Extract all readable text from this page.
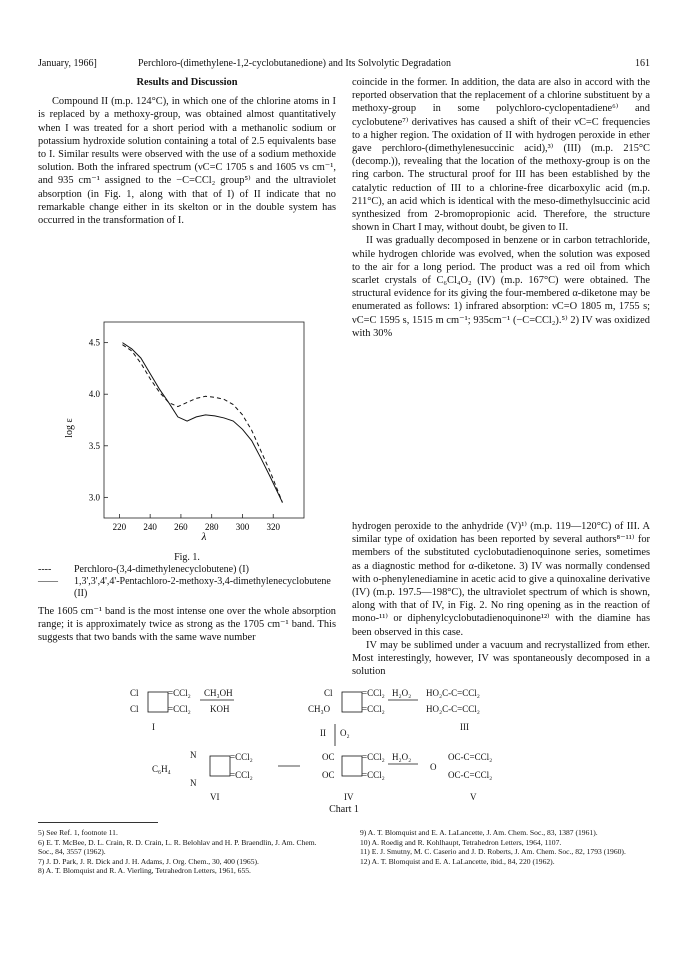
January, 1966]	Perchloro-(dimethylene-1,2-cyclobutanedione) and Its Solvolytic Degradation	161
Results and Discussion

Compound II (m.p. 124°C), in which one of the chlorine atoms in I is replaced by a methoxy-group, was obtained almost quantitatively when I was treated for a short period with a methanolic sodium or potassium hydroxide solution containing a total of 2.5 equivalents base to I. Similar results were observed with the use of a sodium methoxide solution. Both the infrared spectrum (νC=C 1705 s and 1605 vs cm⁻¹, and 935 cm⁻¹ assigned to the −C=CCl₂ group⁵⁾ and the ultraviolet absorption (in Fig. 1, along with that of I) of II indicate that no remarkable change either in its skelton or in the double system has occurred in the transformation of I.

log ε
λ
220 240 260 280 300 320
3.0
3.5
4.0
4.5
Fig. 1.
----	Perchloro-(3,4-dimethylenecyclobutene) (I)
——	1,3',3',4',4'-Pentachloro-2-methoxy-3,4-dimethylenecyclobutene (II)
The 1605 cm⁻¹ band is the most intense one over the whole absorption range; it is approximately twice as strong as the 1705 cm⁻¹ band. This suggests that two bands with the same wave number

coincide in the former. In addition, the data are also in accord with the reported observation that the replacement of a chlorine substituent by a methoxy-group in some polychloro-cyclopentadiene⁶⁾ and cyclobutene⁷⁾ derivatives has caused a shift of their νC=C frequencies to a higher region. The oxidation of II with hydrogen peroxide in ether gave perchloro-(dimethylenesuccinic acid),³⁾ (III) (m.p. 215°C (decomp.)), revealing that the location of the methoxy-group is on the ring carbon. The structural proof for III has been established by the catalytic reduction of III to a chlorine-free dicarboxylic acid (m.p. 211°C), an acid which is identical with the meso-dimethylsuccinic acid synthesized from 2-bromopropionic acid. Therefore, the structure shown in Chart I may, without doubt, be given to II.

II was gradually decomposed in benzene or in carbon tetrachloride, while hydrogen chloride was evolved, when the solution was exposed to the air for a long period. The product was a red oil from which scarlet crystals of C₆Cl₄O₂ (IV) (m.p. 167°C) were obtained. The structural evidence for its giving the four-membered α-diketone may be enumerated as follows: 1) infrared absorption: νC=O 1805 m, 1755 s; νC=C 1595 s, 1515 m cm⁻¹; 935cm⁻¹ (−C=CCl₂).⁵⁾ 2) IV was oxidized with 30%

hydrogen peroxide to the anhydride (V)¹⁾ (m.p. 119—120°C) of III. A similar type of oxidation has been reported by several authors⁸⁻¹¹⁾ for members of the substituted cyclobutadienoquinone series, sometimes as a diagnostic method for α-diketone. 3) IV was normally condensed with o-phenylenediamine in acetic acid to give a quinoxaline derivative (IV) (m.p. 197.5—198°C), the ultraviolet spectrum of which is shown, along with that of IV, in Fig. 2. No ring opening as in the reaction of mono-¹¹⁾ or diphenylcyclobutadienoquinone¹²⁾ with the diamine has been observed in this case.

IV may be sublimed under a vacuum and recrystallized from ether. Most interestingly, however, IV was spontaneously decomposed in a solution

Cl
Cl
=CCl₂
=CCl₂
I
CH₃OH
KOH
Cl
CH₃O
=CCl₂
=CCl₂
II O₂
H₂O₂ HO₂C-C=CCl₂
HO₂C-C=CCl₂
III
C₆H₄
N
N
=CCl₂
=CCl₂
VI
OC
OC
=CCl₂
=CCl₂
IV
H₂O₂
O
OC-C=CCl₂
OC-C=CCl₂
V
Chart 1
5) See Ref. 1, footnote 11.
6) E. T. McBee, D. L. Crain, R. D. Crain, L. R. Belohlav and H. P. Braendlin, J. Am. Chem. Soc., 84, 3557 (1962).
7) J. D. Park, J. R. Dick and J. H. Adams, J. Org. Chem., 30, 400 (1965).
8) A. T. Blomquist and R. A. Vierling, Tetrahedron Letters, 1961, 655.
9) A. T. Blomquist and E. A. LaLancette, J. Am. Chem. Soc., 83, 1387 (1961).
10) A. Roedig and R. Kohlhaupt, Tetrahedron Letters, 1964, 1107.
11) E. J. Smutny, M. C. Caserio and J. D. Roberts, J. Am. Chem. Soc., 82, 1793 (1960).
12) A. T. Blomquist and E. A. LaLancette, ibid., 84, 220 (1962).
